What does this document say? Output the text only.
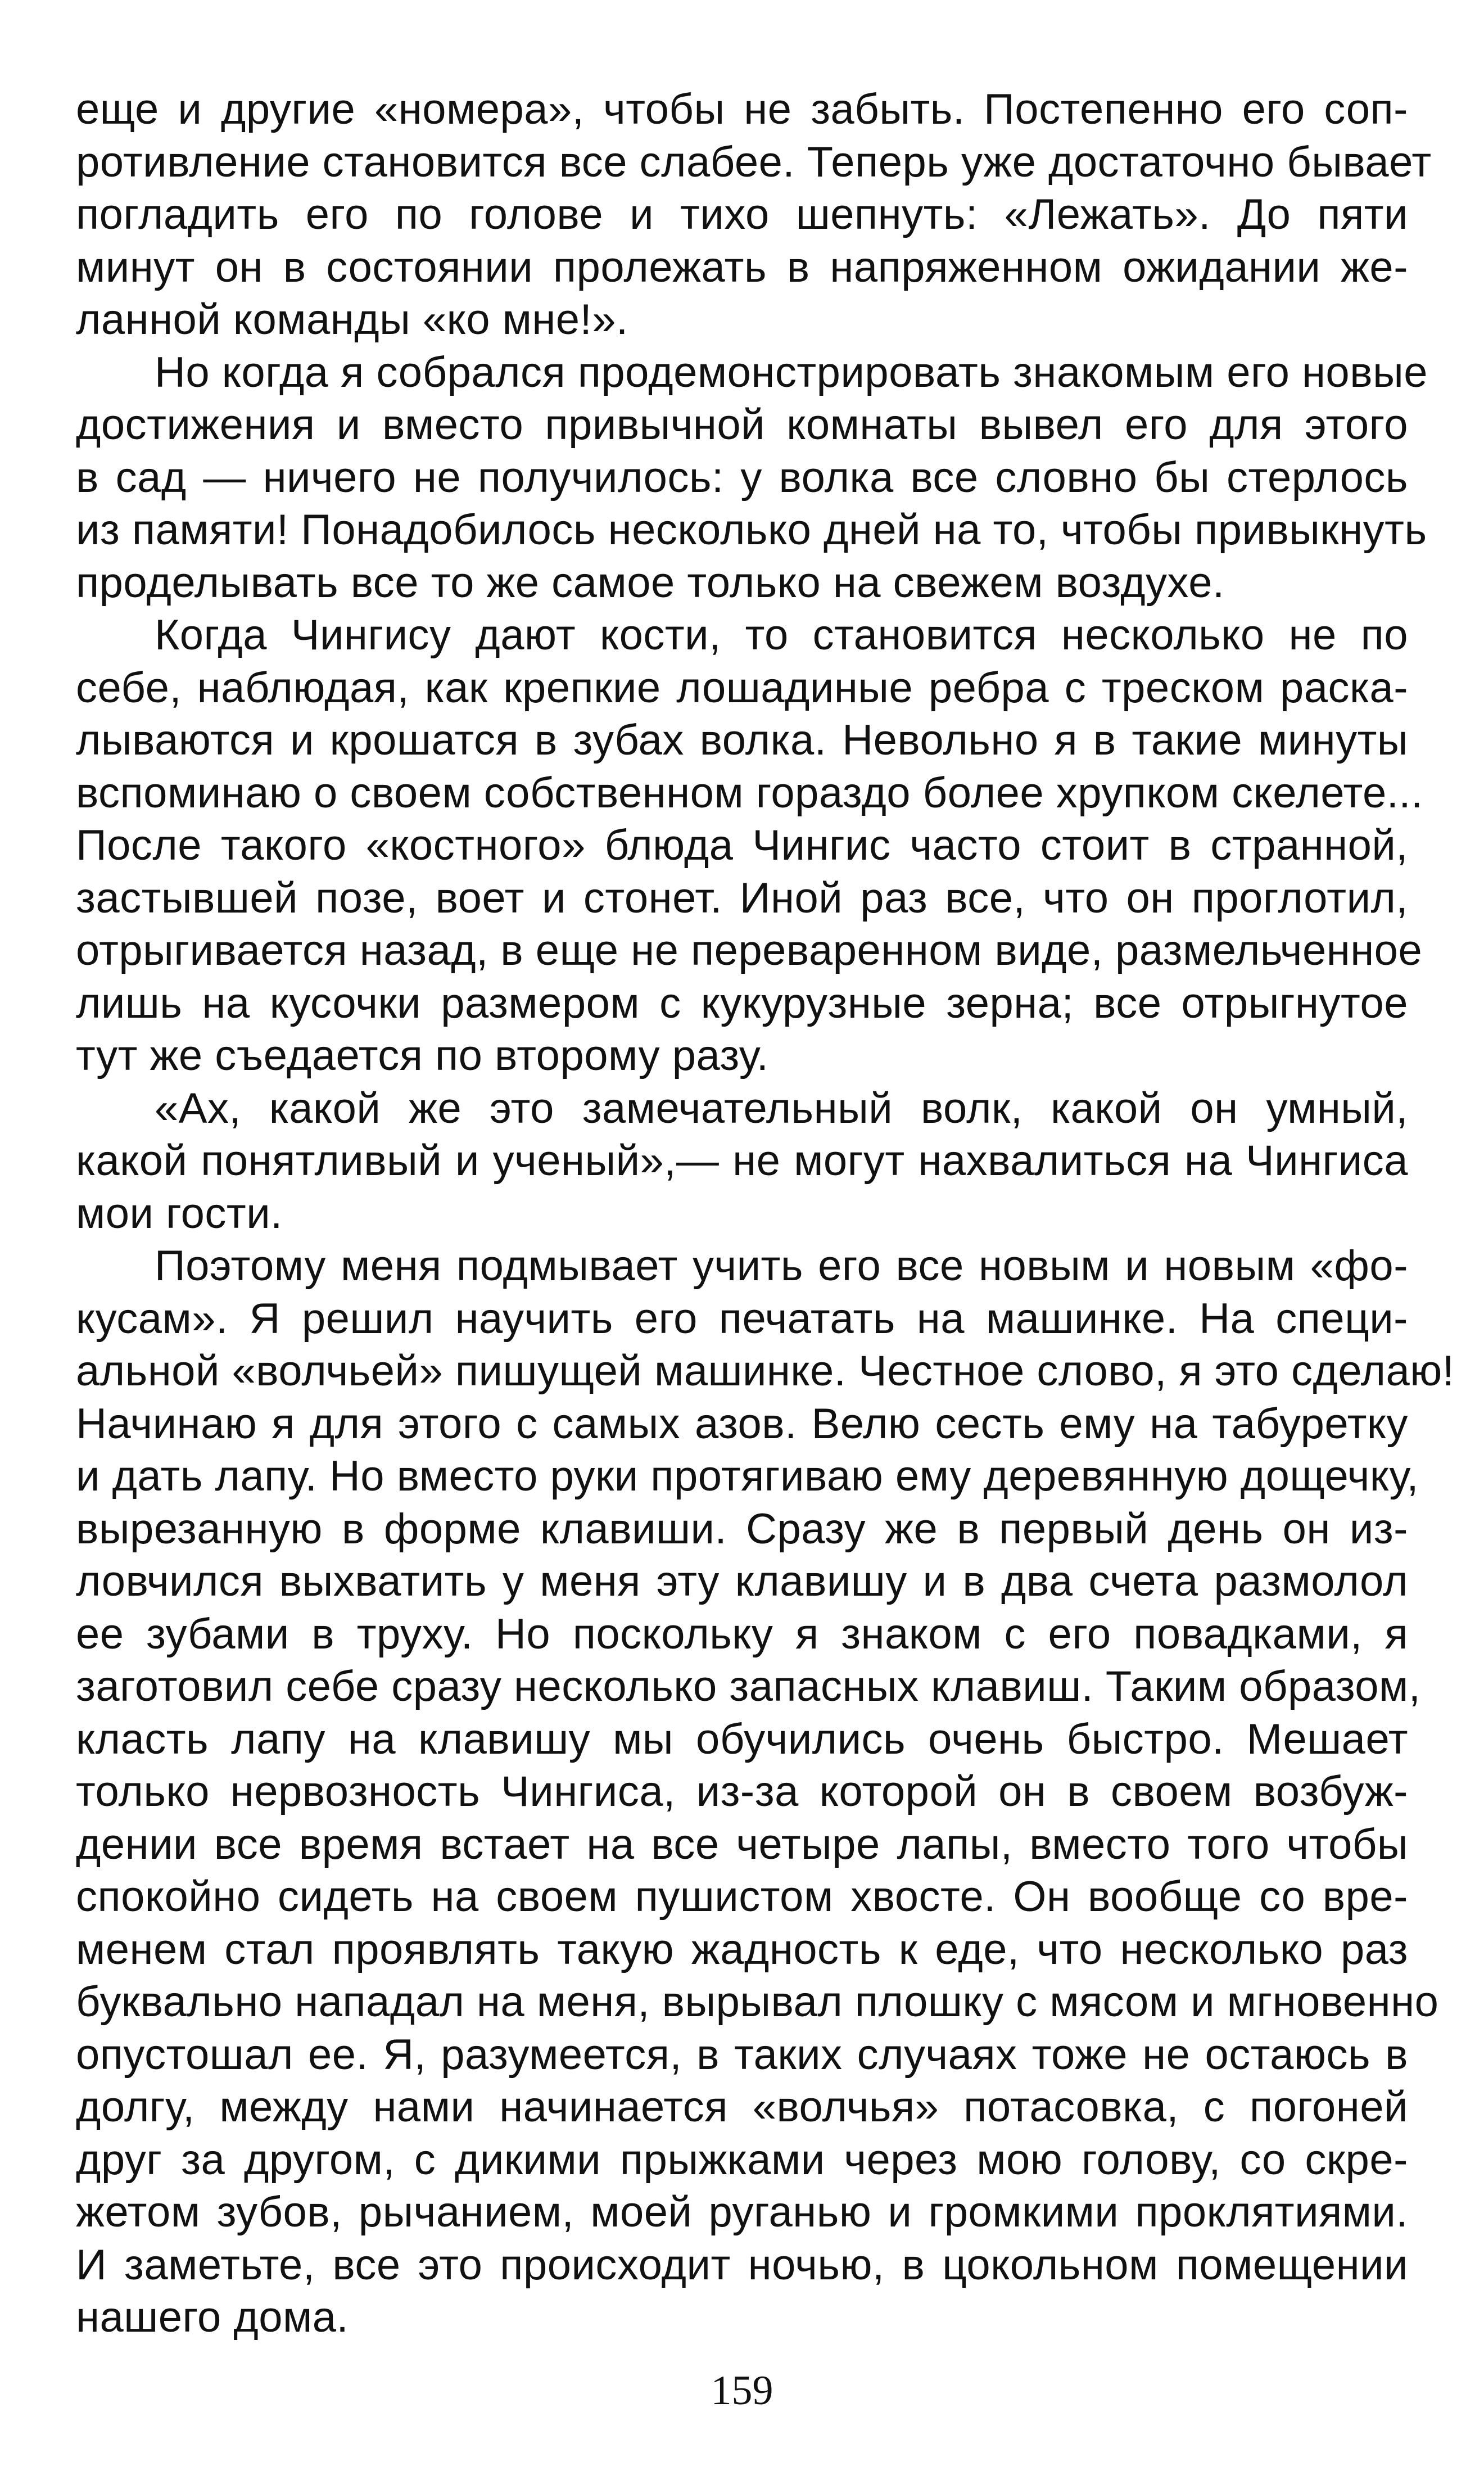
еще и другие «номера», чтобы не забыть. Постепенно его соп-
ротивление становится все слабее. Теперь уже достаточно бывает
погладить его по голове и тихо шепнуть: «Лежать». До пяти
минут он в состоянии пролежать в напряженном ожидании же-
ланной команды «ко мне!».
Но когда я собрался продемонстрировать знакомым его новые
достижения и вместо привычной комнаты вывел его для этого
в сад — ничего не получилось: у волка все словно бы стерлось
из памяти! Понадобилось несколько дней на то, чтобы привыкнуть
проделывать все то же самое только на свежем воздухе.
Когда Чингису дают кости, то становится несколько не по
себе, наблюдая, как крепкие лошадиные ребра с треском раска-
лываются и крошатся в зубах волка. Невольно я в такие минуты
вспоминаю о своем собственном гораздо более хрупком скелете...
После такого «костного» блюда Чингис часто стоит в странной,
застывшей позе, воет и стонет. Иной раз все, что он проглотил,
отрыгивается назад, в еще не переваренном виде, размельченное
лишь на кусочки размером с кукурузные зерна; все отрыгнутое
тут же съедается по второму разу.
«Ах, какой же это замечательный волк, какой он умный,
какой понятливый и ученый»,— не могут нахвалиться на Чингиса
мои гости.
Поэтому меня подмывает учить его все новым и новым «фо-
кусам». Я решил научить его печатать на машинке. На специ-
альной «волчьей» пишущей машинке. Честное слово, я это сделаю!
Начинаю я для этого с самых азов. Велю сесть ему на табуретку
и дать лапу. Но вместо руки протягиваю ему деревянную дощечку,
вырезанную в форме клавиши. Сразу же в первый день он из-
ловчился выхватить у меня эту клавишу и в два счета размолол
ее зубами в труху. Но поскольку я знаком с его повадками, я
заготовил себе сразу несколько запасных клавиш. Таким образом,
класть лапу на клавишу мы обучились очень быстро. Мешает
только нервозность Чингиса, из-за которой он в своем возбуж-
дении все время встает на все четыре лапы, вместо того чтобы
спокойно сидеть на своем пушистом хвосте. Он вообще со вре-
менем стал проявлять такую жадность к еде, что несколько раз
буквально нападал на меня, вырывал плошку с мясом и мгновенно
опустошал ее. Я, разумеется, в таких случаях тоже не остаюсь в
долгу, между нами начинается «волчья» потасовка, с погоней
друг за другом, с дикими прыжками через мою голову, со скре-
жетом зубов, рычанием, моей руганью и громкими проклятиями.
И заметьте, все это происходит ночью, в цокольном помещении
нашего дома.
159
